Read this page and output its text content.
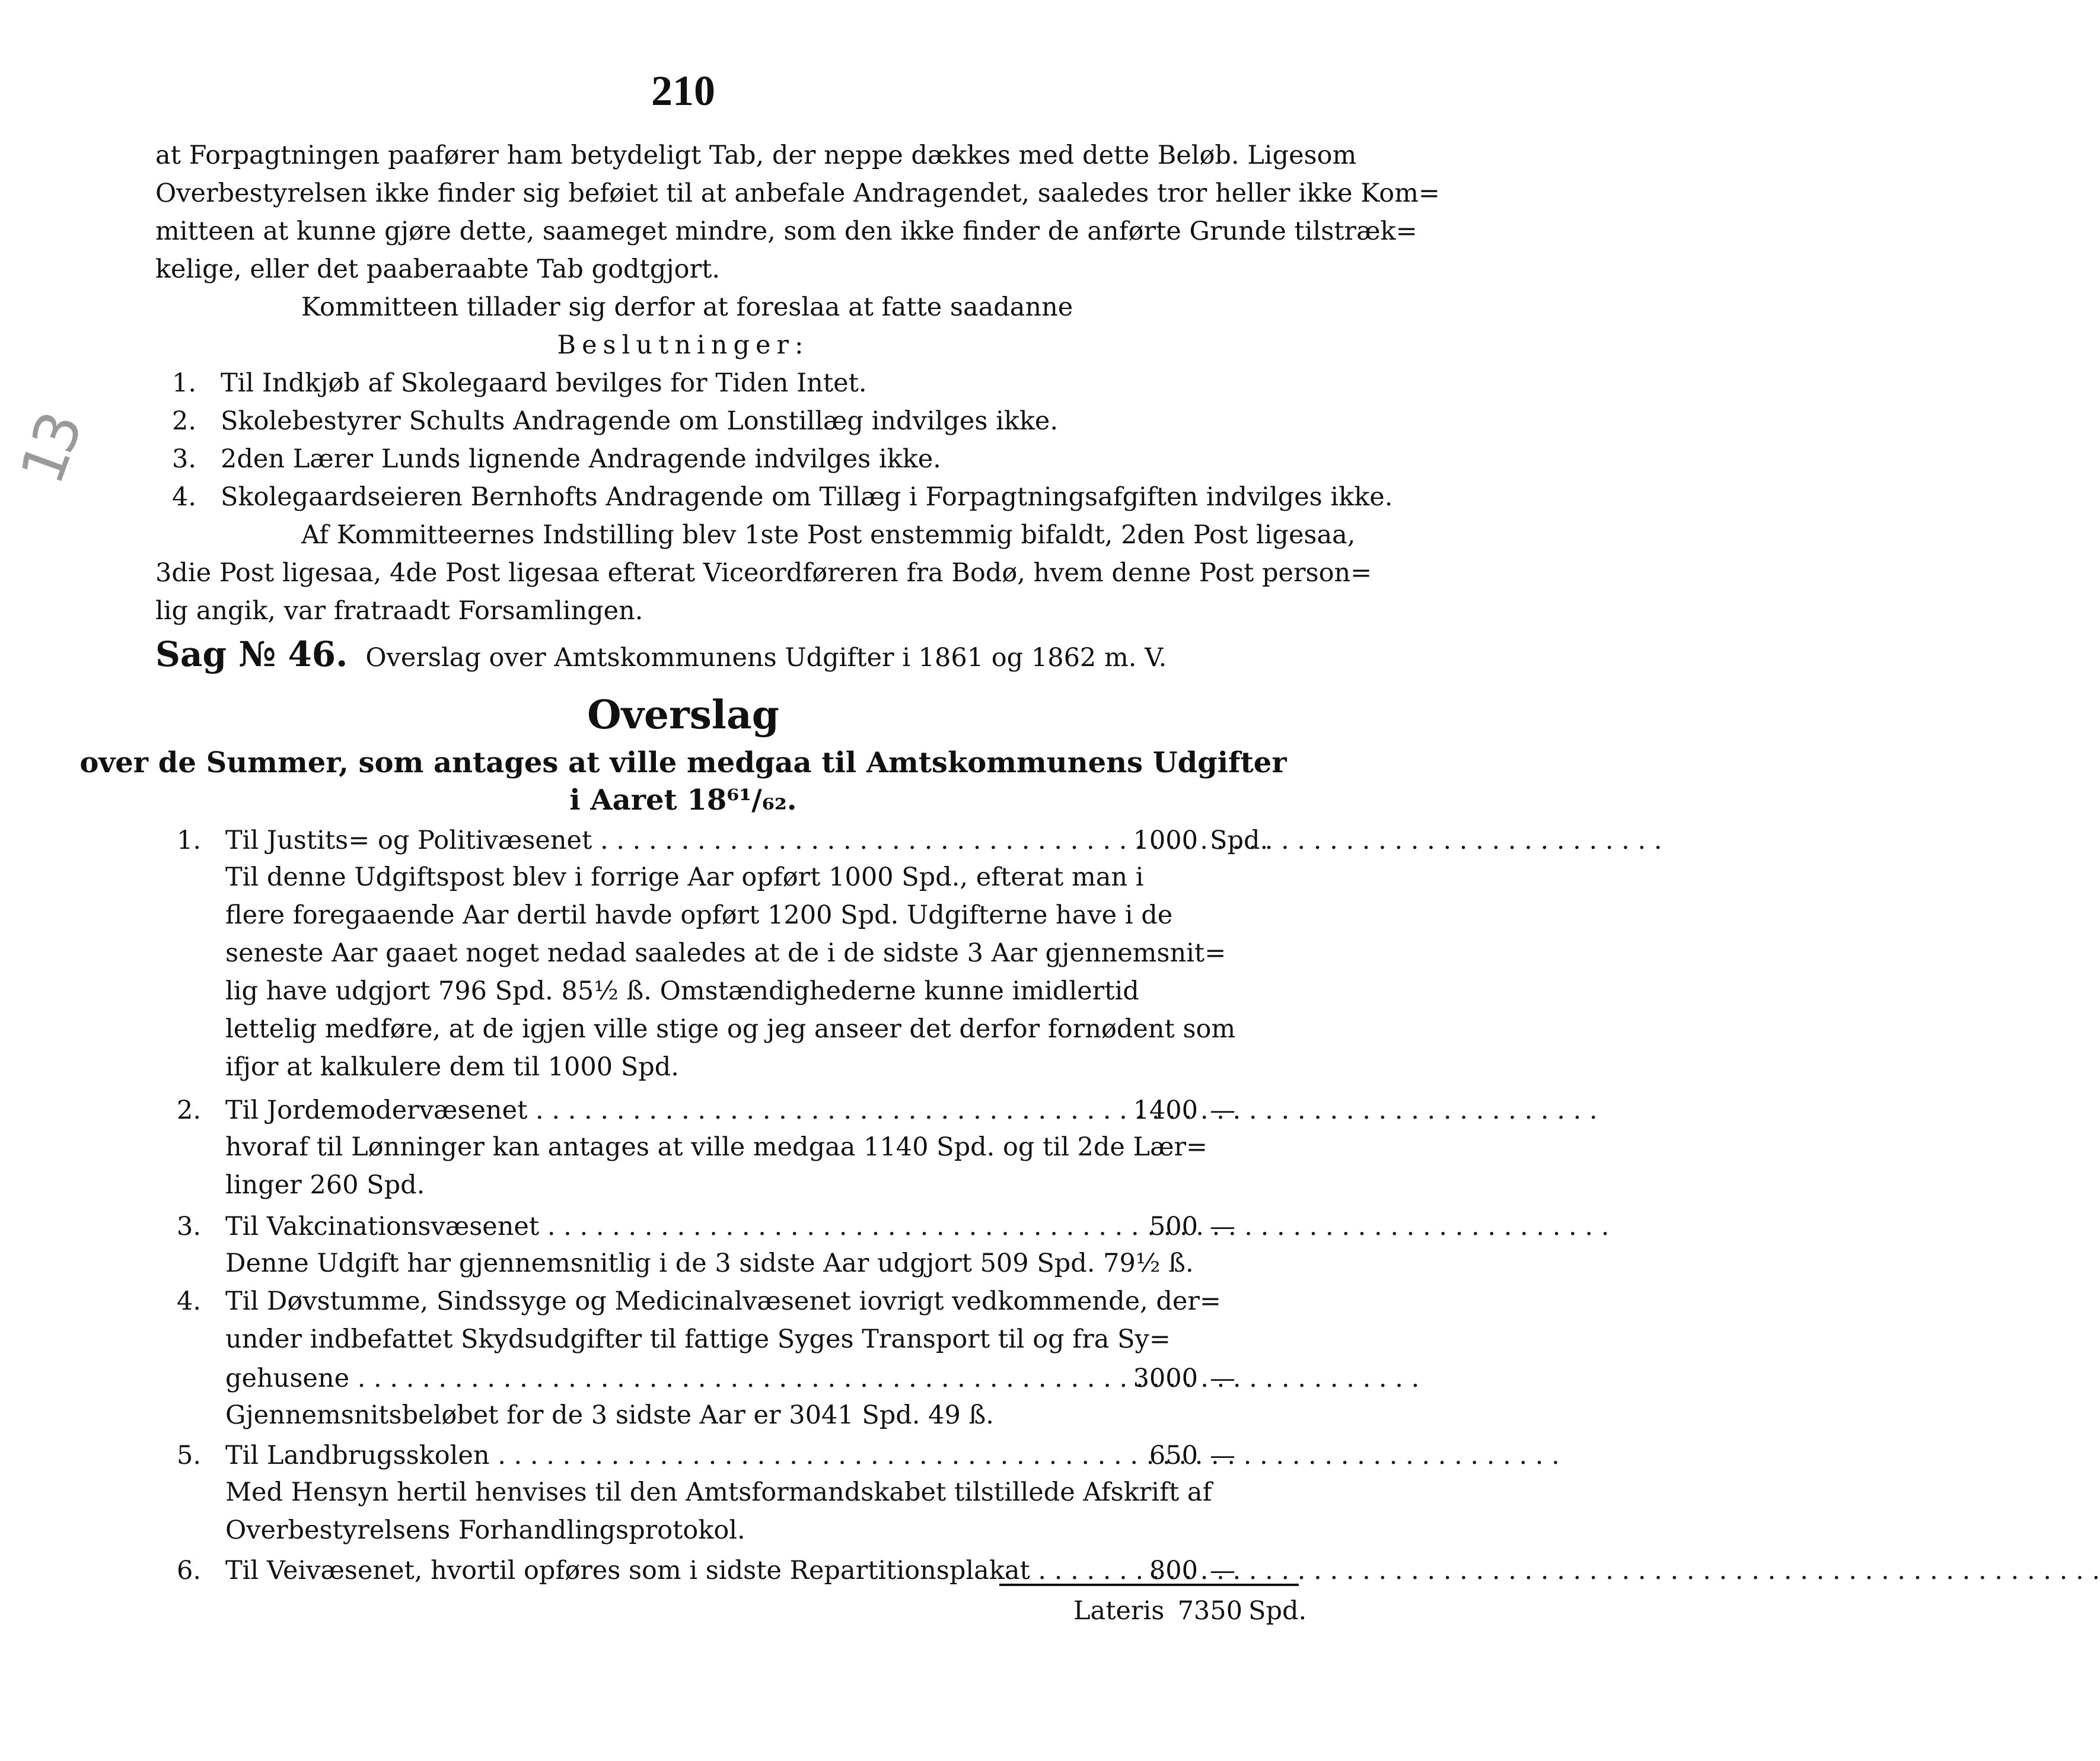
210
13
at Forpagtningen paafører ham betydeligt Tab, der neppe dækkes med dette Beløb. Ligesom
Overbestyrelsen ikke finder sig beføiet til at anbefale Andragendet, saaledes tror heller ikke Kom=
mitteen at kunne gjøre dette, saameget mindre, som den ikke finder de anførte Grunde tilstræk=
kelige, eller det paaberaabte Tab godtgjort.
Kommitteen tillader sig derfor at foreslaa at fatte saadanne
Beslutninger:
1. Til Indkjøb af Skolegaard bevilges for Tiden Intet.
2. Skolebestyrer Schults Andragende om Lonstillæg indvilges ikke.
3. 2den Lærer Lunds lignende Andragende indvilges ikke.
4. Skolegaardseieren Bernhofts Andragende om Tillæg i Forpagtningsafgiften indvilges ikke.
Af Kommitteernes Indstilling blev 1ste Post enstemmig bifaldt, 2den Post ligesaa,
3die Post ligesaa, 4de Post ligesaa efterat Viceordføreren fra Bodø, hvem denne Post person=
lig angik, var fratraadt Forsamlingen.
Sag № 46. Overslag over Amtskommunens Udgifter i 1861 og 1862 m. V.
Overslag
over de Summer, som antages at ville medgaa til Amtskommunens Udgifter
i Aaret 18⁶¹/₆₂.
1. Til Justits= og Politivæsenet . . .	1000 Spd.
Til denne Udgiftspost blev i forrige Aar opført 1000 Spd., efterat man i
flere foregaaende Aar dertil havde opført 1200 Spd. Udgifterne have i de
seneste Aar gaaet noget nedad saaledes at de i de sidste 3 Aar gjennemsnit=
lig have udgjort 796 Spd. 85½ ß. Omstændighederne kunne imidlertid
lettelig medføre, at de igjen ville stige og jeg anseer det derfor fornødent som
ifjor at kalkulere dem til 1000 Spd.
2. Til Jordemodervæsenet . . .	1400 —
hvoraf til Lønninger kan antages at ville medgaa 1140 Spd. og til 2de Lær=
linger 260 Spd.
3. Til Vakcinationsvæsenet . . .	500 —
Denne Udgift har gjennemsnitlig i de 3 sidste Aar udgjort 509 Spd. 79½ ß.
4. Til Døvstumme, Sindssyge og Medicinalvæsenet iovrigt vedkommende, der=
under indbefattet Skydsudgifter til fattige Syges Transport til og fra Sy=
gehusene . . .	3000 —
Gjennemsnitsbeløbet for de 3 sidste Aar er 3041 Spd. 49 ß.
5. Til Landbrugsskolen . . .	650 —
Med Hensyn hertil henvises til den Amtsformandskabet tilstillede Afskrift af
Overbestyrelsens Forhandlingsprotokol.
6. Til Veivæsenet, hvortil opføres som i sidste Repartitionsplakat . . .	800 —
Lateris 7350 Spd.
